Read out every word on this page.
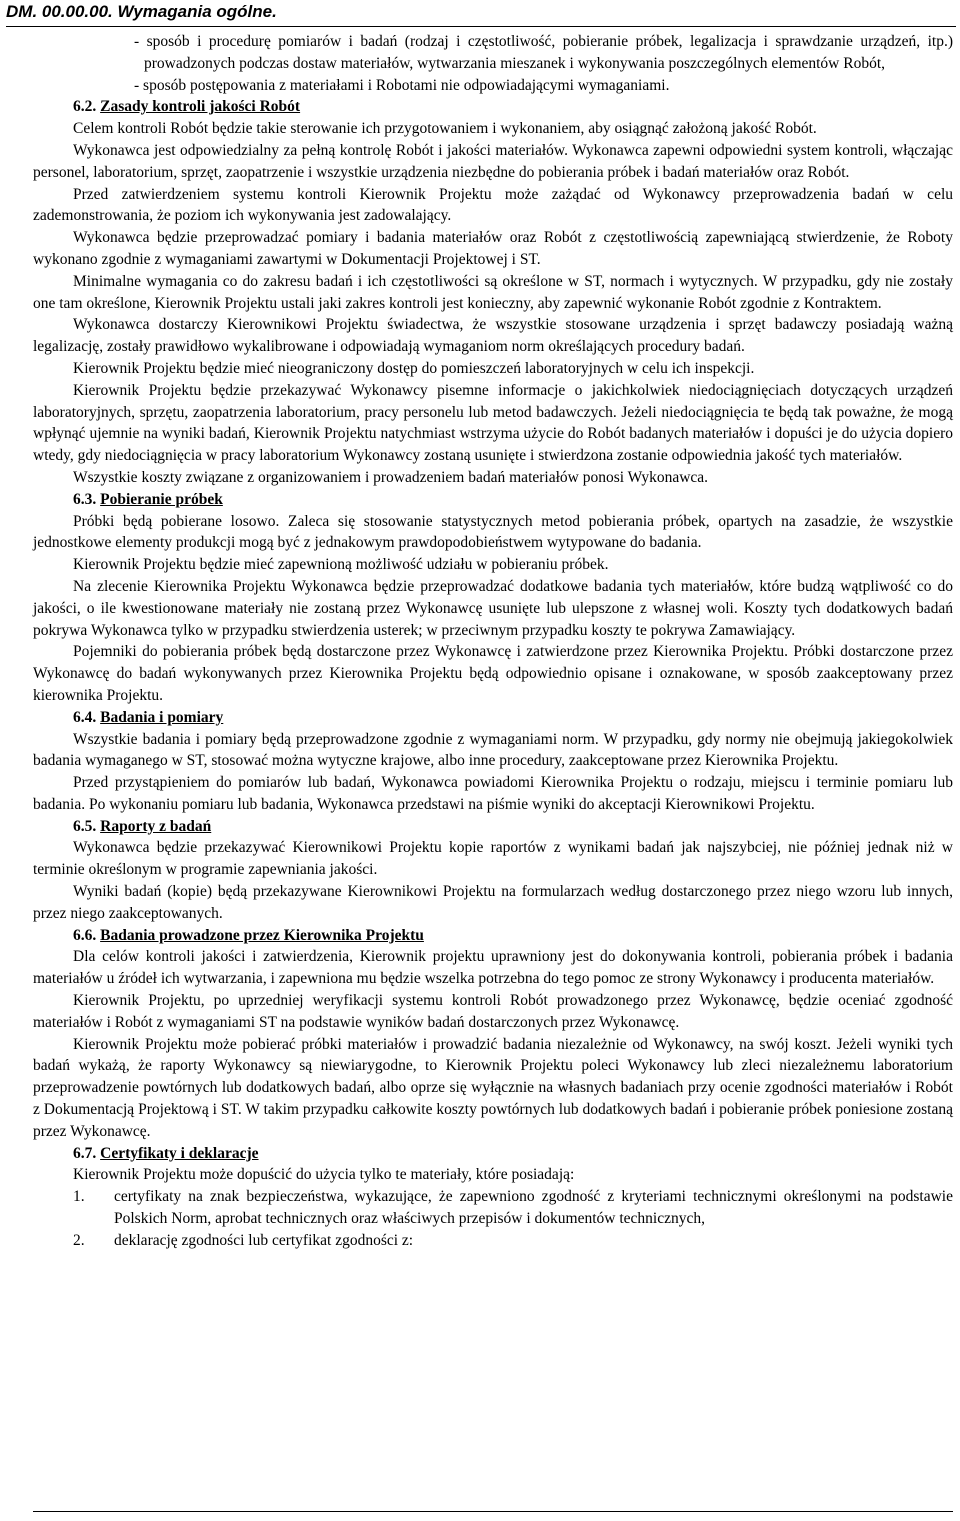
DM. 00.00.00. Wymagania ogólne.
- sposób i procedurę pomiarów i badań (rodzaj i częstotliwość, pobieranie próbek, legalizacja i sprawdzanie urządzeń, itp.) prowadzonych podczas dostaw materiałów, wytwarzania mieszanek i wykonywania poszczególnych elementów Robót,
- sposób postępowania z materiałami i Robotami nie odpowiadającymi wymaganiami.
6.2. Zasady kontroli jakości Robót
Celem kontroli Robót będzie takie sterowanie ich przygotowaniem i wykonaniem, aby osiągnąć założoną jakość Robót.
Wykonawca jest odpowiedzialny za pełną kontrolę Robót i jakości materiałów. Wykonawca zapewni odpowiedni system kontroli, włączając personel, laboratorium, sprzęt, zaopatrzenie i wszystkie urządzenia niezbędne do pobierania próbek i badań materiałów oraz Robót.
Przed zatwierdzeniem systemu kontroli Kierownik Projektu może zażądać od Wykonawcy przeprowadzenia badań w celu zademonstrowania, że poziom ich wykonywania jest zadowalający.
Wykonawca będzie przeprowadzać pomiary i badania materiałów oraz Robót z częstotliwością zapewniającą stwierdzenie, że Roboty wykonano zgodnie z wymaganiami zawartymi w Dokumentacji Projektowej i ST.
Minimalne wymagania co do zakresu badań i ich częstotliwości są określone w ST, normach i wytycznych. W przypadku, gdy nie zostały one tam określone, Kierownik Projektu ustali jaki zakres kontroli jest konieczny, aby zapewnić wykonanie Robót zgodnie z Kontraktem.
Wykonawca dostarczy Kierownikowi Projektu świadectwa, że wszystkie stosowane urządzenia i sprzęt badawczy posiadają ważną legalizację, zostały prawidłowo wykalibrowane i odpowiadają wymaganiom norm określających procedury badań.
Kierownik Projektu będzie mieć nieograniczony dostęp do pomieszczeń laboratoryjnych w celu ich inspekcji.
Kierownik Projektu będzie przekazywać Wykonawcy pisemne informacje o jakichkolwiek niedociągnięciach dotyczących urządzeń laboratoryjnych, sprzętu, zaopatrzenia laboratorium, pracy personelu lub metod badawczych. Jeżeli niedociągnięcia te będą tak poważne, że mogą wpłynąć ujemnie na wyniki badań, Kierownik Projektu natychmiast wstrzyma użycie do Robót badanych materiałów i dopuści je do użycia dopiero wtedy, gdy niedociągnięcia w pracy laboratorium Wykonawcy zostaną usunięte i stwierdzona zostanie odpowiednia jakość tych materiałów.
Wszystkie koszty związane z organizowaniem i prowadzeniem badań materiałów ponosi Wykonawca.
6.3. Pobieranie próbek
Próbki będą pobierane losowo. Zaleca się stosowanie statystycznych metod pobierania próbek, opartych na zasadzie, że wszystkie jednostkowe elementy produkcji mogą być z jednakowym prawdopodobieństwem wytypowane do badania.
Kierownik Projektu będzie mieć zapewnioną możliwość udziału w pobieraniu próbek.
Na zlecenie Kierownika Projektu Wykonawca będzie przeprowadzać dodatkowe badania tych materiałów, które budzą wątpliwość co do jakości, o ile kwestionowane materiały nie zostaną przez Wykonawcę usunięte lub ulepszone z własnej woli. Koszty tych dodatkowych badań pokrywa Wykonawca tylko w przypadku stwierdzenia usterek; w przeciwnym przypadku koszty te pokrywa Zamawiający.
Pojemniki do pobierania próbek będą dostarczone przez Wykonawcę i zatwierdzone przez Kierownika Projektu. Próbki dostarczone przez Wykonawcę do badań wykonywanych przez Kierownika Projektu będą odpowiednio opisane i oznakowane, w sposób zaakceptowany przez kierownika Projektu.
6.4. Badania i pomiary
Wszystkie badania i pomiary będą przeprowadzone zgodnie z wymaganiami norm. W przypadku, gdy normy nie obejmują jakiegokolwiek badania wymaganego w ST, stosować można wytyczne krajowe, albo inne procedury, zaakceptowane przez Kierownika Projektu.
Przed przystąpieniem do pomiarów lub badań, Wykonawca powiadomi Kierownika Projektu o rodzaju, miejscu i terminie pomiaru lub badania. Po wykonaniu pomiaru lub badania, Wykonawca przedstawi na piśmie wyniki do akceptacji Kierownikowi Projektu.
6.5. Raporty z badań
Wykonawca będzie przekazywać Kierownikowi Projektu kopie raportów z wynikami badań jak najszybciej, nie później jednak niż w terminie określonym w programie zapewniania jakości.
Wyniki badań (kopie) będą przekazywane Kierownikowi Projektu na formularzach według dostarczonego przez niego wzoru lub innych, przez niego zaakceptowanych.
6.6. Badania prowadzone przez Kierownika Projektu
Dla celów kontroli jakości i zatwierdzenia, Kierownik projektu uprawniony jest do dokonywania kontroli, pobierania próbek i badania materiałów u źródeł ich wytwarzania, i zapewniona mu będzie wszelka potrzebna do tego pomoc ze strony Wykonawcy i producenta materiałów.
Kierownik Projektu, po uprzedniej weryfikacji systemu kontroli Robót prowadzonego przez Wykonawcę, będzie oceniać zgodność materiałów i Robót z wymaganiami ST na podstawie wyników badań dostarczonych przez Wykonawcę.
Kierownik Projektu może pobierać próbki materiałów i prowadzić badania niezależnie od Wykonawcy, na swój koszt. Jeżeli wyniki tych badań wykażą, że raporty Wykonawcy są niewiarygodne, to Kierownik Projektu poleci Wykonawcy lub zleci niezależnemu laboratorium przeprowadzenie powtórnych lub dodatkowych badań, albo oprze się wyłącznie na własnych badaniach przy ocenie zgodności materiałów i Robót z Dokumentacją Projektową i ST. W takim przypadku całkowite koszty powtórnych lub dodatkowych badań i pobieranie próbek poniesione zostaną przez Wykonawcę.
6.7. Certyfikaty i deklaracje
Kierownik Projektu może dopuścić do użycia tylko te materiały, które posiadają:
1.	certyfikaty na znak bezpieczeństwa, wykazujące, że zapewniono zgodność z kryteriami technicznymi określonymi na podstawie Polskich Norm, aprobat technicznych oraz właściwych przepisów i dokumentów technicznych,
2.	deklarację zgodności lub certyfikat zgodności z:
